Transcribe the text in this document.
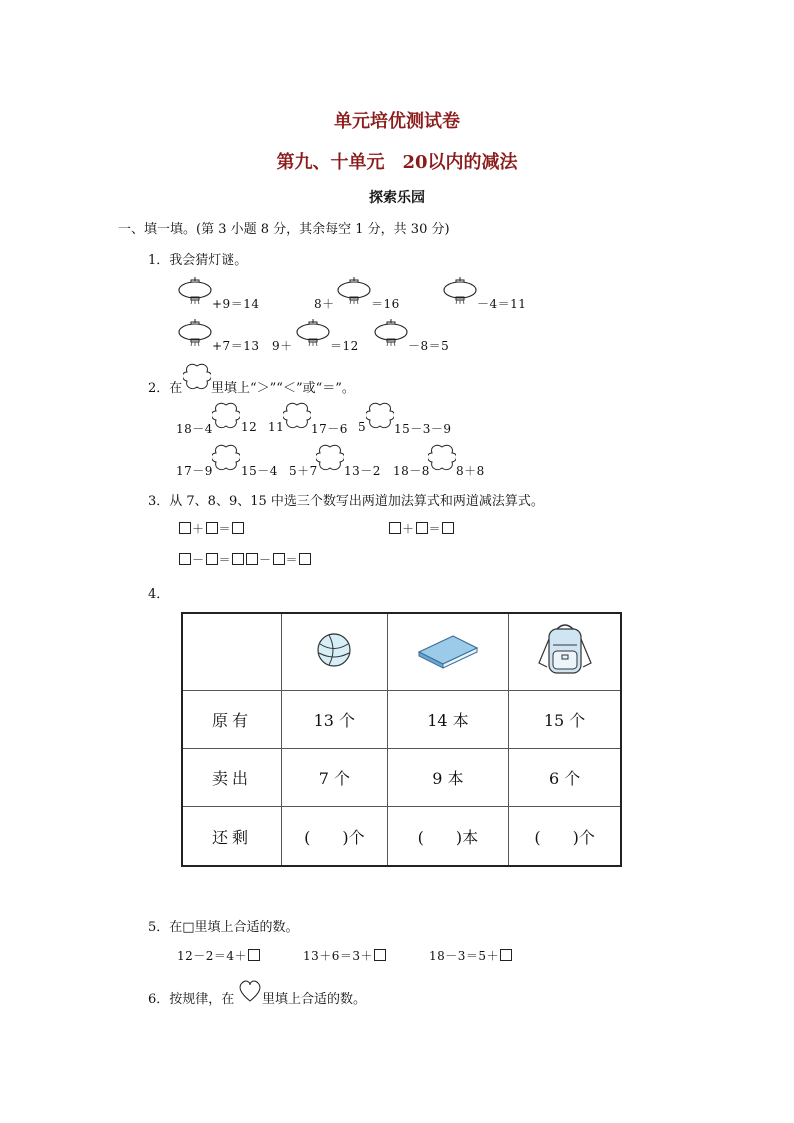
单元培优测试卷
第九、十单元　20以内的减法
探索乐园
一、填一填。(第 3 小题 8 分，其余每空 1 分，共 30 分)
1．我会猜灯谜。
+9＝14	8＋	＝16	－4＝11
+7＝13 9＋	＝12	－8＝5
2．在 里填上“＞”“＜”或“＝”。
18－4 12 11 17－6 5 15－3－9
17－9 15－4 5＋7 13－2 18－8 8＋8
3．从 7、8、9、15 中选三个数写出两道加法算式和两道减法算式。
＋ ＝	＋ ＝
－ ＝ － ＝
4．

原有	13 个	14 本	15 个
卖出	7 个	9 本	6 个
还剩	(　　)个	(　　)本	(　　)个
5．在□里填上合适的数。
12－2＝4＋	13＋6＝3＋	18－3＝5＋
6．按规律，在 里填上合适的数。
